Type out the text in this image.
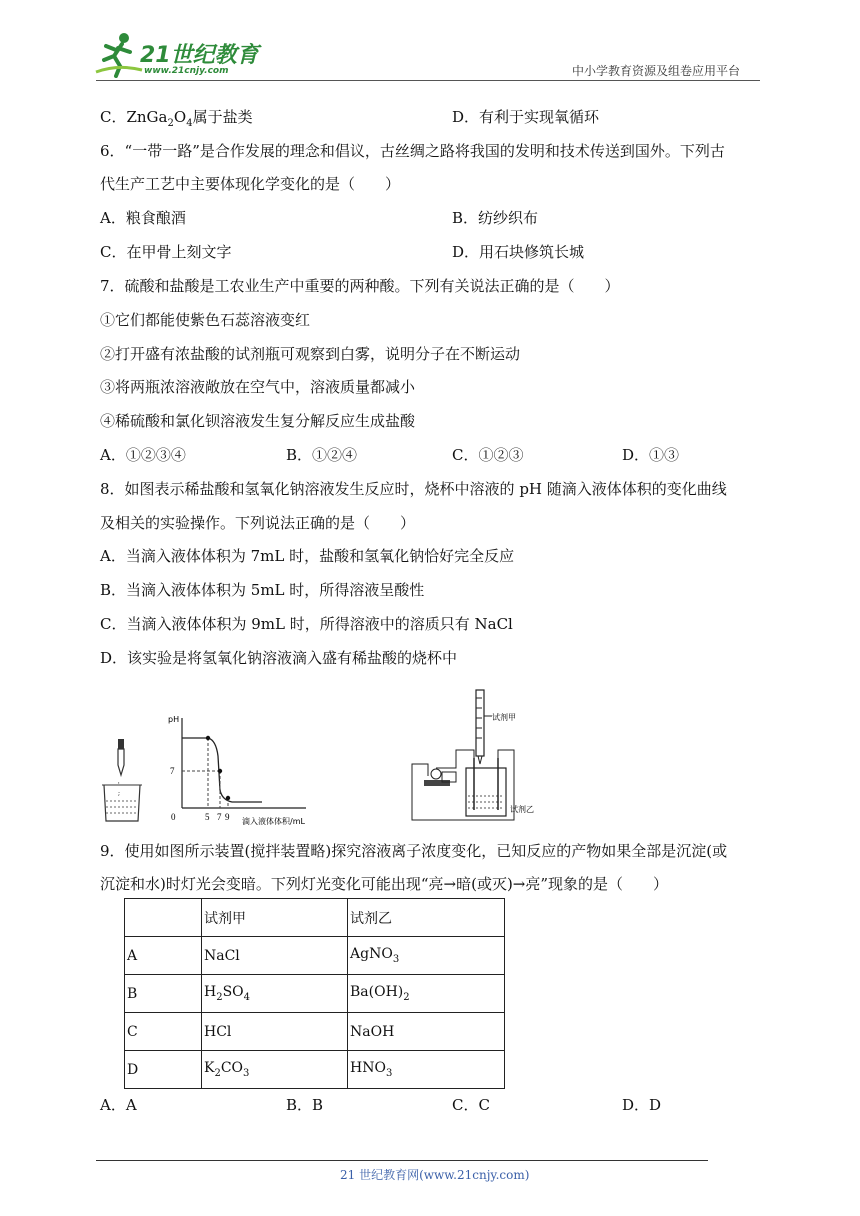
21世纪教育
www.21cnjy.com	中小学教育资源及组卷应用平台
C．$ZnGa_2O_4$属于盐类	D．有利于实现氧循环
6．“一带一路”是合作发展的理念和倡议，古丝绸之路将我国的发明和技术传送到国外。下列古
代生产工艺中主要体现化学变化的是（　　）
A．粮食酿酒	B．纺纱织布
C．在甲骨上刻文字	D．用石块修筑长城
7．硫酸和盐酸是工农业生产中重要的两种酸。下列有关说法正确的是（　　）
①它们都能使紫色石蕊溶液变红
②打开盛有浓盐酸的试剂瓶可观察到白雾，说明分子在不断运动
③将两瓶浓溶液敞放在空气中，溶液质量都减小
④稀硫酸和氯化钡溶液发生复分解反应生成盐酸
A．①②③④	B．①②④	C．①②③	D．①③
8．如图表示稀盐酸和氢氧化钠溶液发生反应时，烧杯中溶液的 pH 随滴入液体体积的变化曲线
及相关的实验操作。下列说法正确的是（　　）
A．当滴入液体体积为 7mL 时，盐酸和氢氧化钠恰好完全反应
B．当滴入液体体积为 5mL 时，所得溶液呈酸性
C．当滴入液体体积为 9mL 时，所得溶液中的溶质只有 NaCl
D．该实验是将氢氧化钠溶液滴入盛有稀盐酸的烧杯中
;
pH
7
0	5 7 9 滴入液体体积/mL
试剂甲
试剂乙
9．使用如图所示装置(搅拌装置略)探究溶液离子浓度变化，已知反应的产物如果全部是沉淀(或
沉淀和水)时灯光会变暗。下列灯光变化可能出现“亮→暗(或灭)→亮”现象的是（　　）
	试剂甲	试剂乙
A	NaCl	AgNO$_3$
B	$H_2SO_4$	$Ba(OH)_2$
C	HCl	NaOH
D	$K_2CO_3$	$HNO_3$
A．A	B．B	C．C	D．D
21 世纪教育网(www.21cnjy.com)
